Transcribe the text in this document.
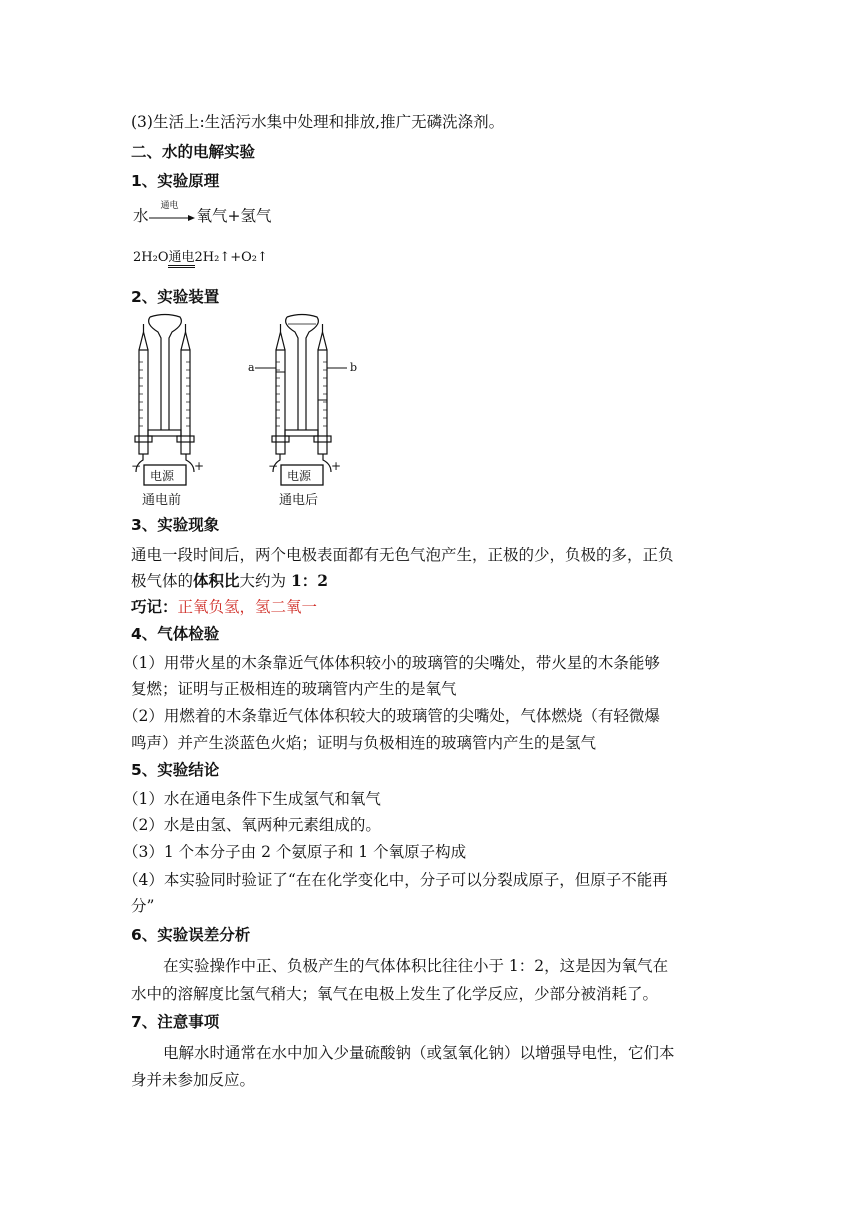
(3)生活上:生活污水集中处理和排放,推广无磷洗涤剂。
二、水的电解实验
1、实验原理
水
通电
氧气+氢气
2H₂O通电2H₂↑+O₂↑
2、实验装置
−	+
电源
通电前
a	b
−	+
电源
通电后
3、实验现象
通电一段时间后，两个电极表面都有无色气泡产生，正极的少，负极的多，正负
极气体的体积比大约为 1：2
巧记：正氧负氢，氢二氧一
4、气体检验
（1）用带火星的木条靠近气体体积较小的玻璃管的尖嘴处，带火星的木条能够
复燃；证明与正极相连的玻璃管内产生的是氧气
（2）用燃着的木条靠近气体体积较大的玻璃管的尖嘴处，气体燃烧（有轻微爆
鸣声）并产生淡蓝色火焰；证明与负极相连的玻璃管内产生的是氢气
5、实验结论
（1）水在通电条件下生成氢气和氧气
（2）水是由氢、氧两种元素组成的。
（3）1 个本分子由 2 个氨原子和 1 个氧原子构成
（4）本实验同时验证了“在在化学变化中，分子可以分裂成原子，但原子不能再
分”
6、实验误差分析
在实验操作中正、负极产生的气体体积比往往小于 1：2，这是因为氧气在
水中的溶解度比氢气稍大；氧气在电极上发生了化学反应，少部分被消耗了。
7、注意事项
电解水时通常在水中加入少量硫酸钠（或氢氧化钠）以增强导电性，它们本
身并未参加反应。
